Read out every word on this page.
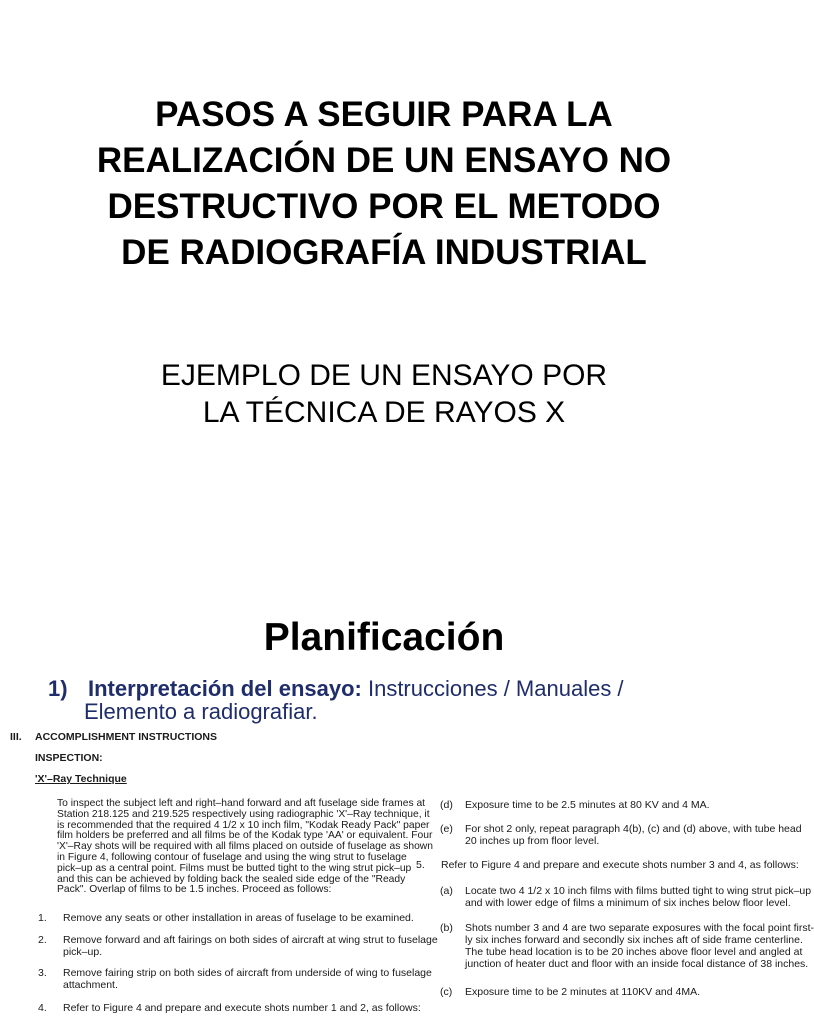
PASOS A SEGUIR PARA LA
REALIZACIÓN DE UN ENSAYO NO
DESTRUCTIVO POR EL METODO
DE RADIOGRAFÍA INDUSTRIAL
EJEMPLO DE UN ENSAYO POR
LA TÉCNICA DE RAYOS X
Planificación
1) Interpretación del ensayo: Instrucciones / Manuales /
Elemento a radiografiar.

III. ACCOMPLISHMENT INSTRUCTIONS

INSPECTION:

'X'–Ray Technique

To inspect the subject left and right–hand forward and aft fuselage side frames at

Station 218.125 and 219.525 respectively using radiographic 'X'–Ray technique, it

is recommended that the required 4 1/2 x 10 inch film, "Kodak Ready Pack" paper

film holders be preferred and all films be of the Kodak type 'AA' or equivalent. Four

'X'–Ray shots will be required with all films placed on outside of fuselage as shown

in Figure 4, following contour of fuselage and using the wing strut to fuselage

pick–up as a central point. Films must be butted tight to the wing strut pick–up

and this can be achieved by folding back the sealed side edge of the "Ready

Pack". Overlap of films to be 1.5 inches. Proceed as follows:

1. Remove any seats or other installation in areas of fuselage to be examined.

2. Remove forward and aft fairings on both sides of aircraft at wing strut to fuselage

pick–up.

3. Remove fairing strip on both sides of aircraft from underside of wing to fuselage

attachment.

4. Refer to Figure 4 and prepare and execute shots number 1 and 2, as follows:

(d) Exposure time to be 2.5 minutes at 80 KV and 4 MA.

(e) For shot 2 only, repeat paragraph 4(b), (c) and (d) above, with tube head

20 inches up from floor level.

5. Refer to Figure 4 and prepare and execute shots number 3 and 4, as follows:

(a) Locate two 4 1/2 x 10 inch films with films butted tight to wing strut pick–up

and with lower edge of films a minimum of six inches below floor level.

(b) Shots number 3 and 4 are two separate exposures with the focal point first-

ly six inches forward and secondly six inches aft of side frame centerline.

The tube head location is to be 20 inches above floor level and angled at

junction of heater duct and floor with an inside focal distance of 38 inches.

(c) Exposure time to be 2 minutes at 110KV and 4MA.
